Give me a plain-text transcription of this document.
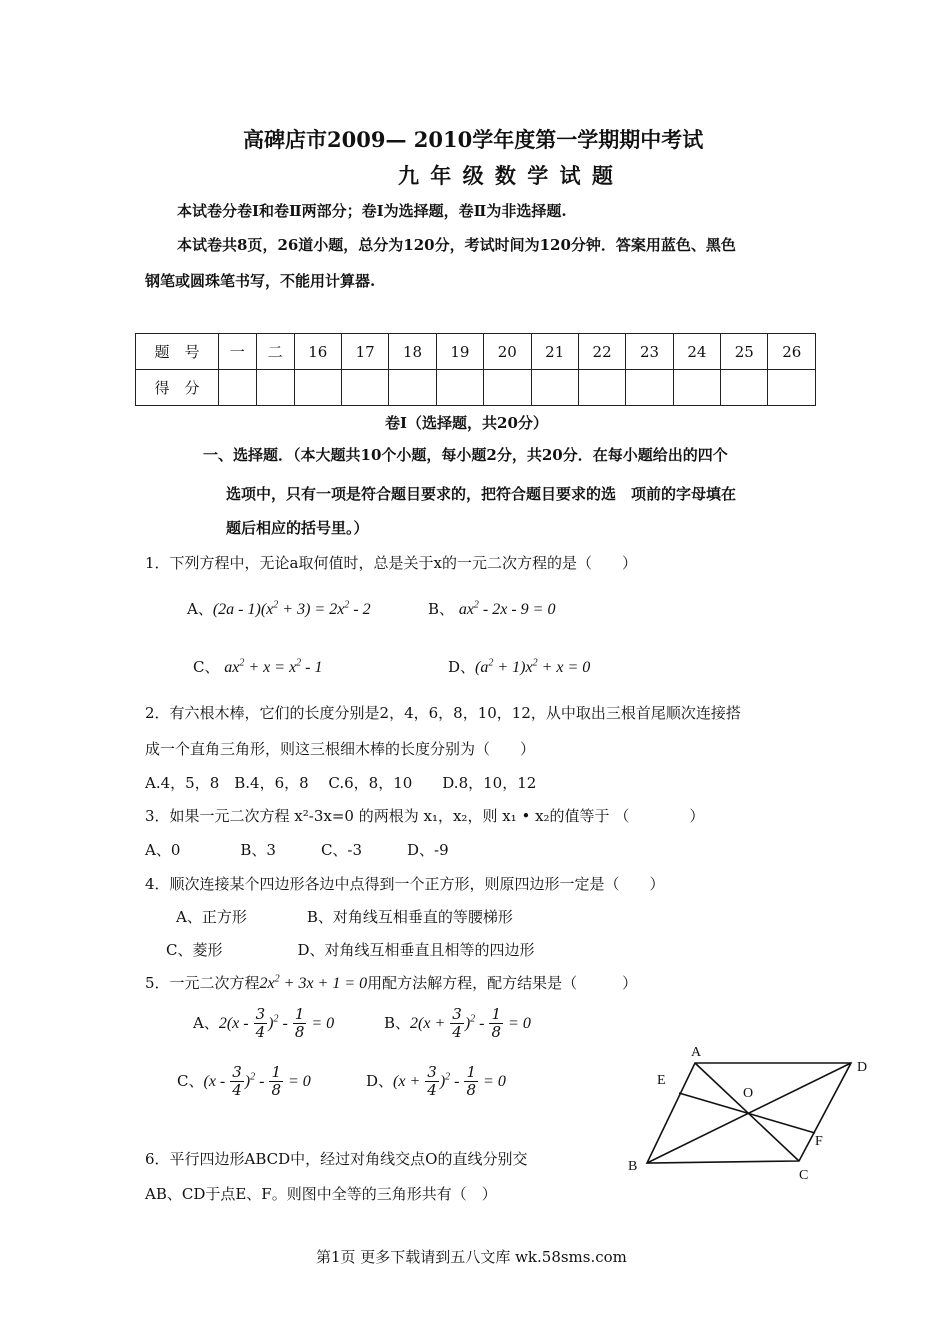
高碑店市2009— 2010学年度第一学期期中考试
九 年 级 数 学 试 题
本试卷分卷Ⅰ和卷Ⅱ两部分；卷Ⅰ为选择题，卷Ⅱ为非选择题.
本试卷共8页，26道小题，总分为120分，考试时间为120分钟．答案用蓝色、黑色
钢笔或圆珠笔书写，不能用计算器.
题　号	一	二	16	17	18	19	20	21	22	23	24	25	26
得　分													
卷Ⅰ（选择题，共20分）
一、选择题．（本大题共10个小题，每小题2分，共20分．在每小题给出的四个
选项中，只有一项是符合题目要求的，把符合题目要求的选　项前的字母填在
题后相应的括号里。）
1．下列方程中，无论a取何值时，总是关于x的一元二次方程的是（　　）
A、$(2a - 1)(x^2 + 3) = 2x^2 - 2$	B、 $ax^2 - 2x - 9 = 0$
C、 $ax^2 + x = x^2 - 1$	D、$(a^2 + 1)x^2 + x = 0$
2．有六根木棒，它们的长度分别是2，4，6，8，10，12，从中取出三根首尾顺次连接搭
成一个直角三角形，则这三根细木棒的长度分别为（　　）
A.4，5，8　B.4，6，8　 C.6，8，10　　D.8，10，12
3．如果一元二次方程 x²-3x=0 的两根为 x₁，x₂，则 x₁ • x₂的值等于 （　　　　）
A、0　　　　B、3　　　C、-3　　　D、-9
4．顺次连接某个四边形各边中点得到一个正方形，则原四边形一定是（　　）
A、正方形　　　　B、对角线互相垂直的等腰梯形
C、菱形　　　　　D、对角线互相垂直且相等的四边形
5．一元二次方程$2x^2 + 3x + 1 = 0$用配方法解方程，配方结果是（　　　）
A、$2(x - \frac{3}{4} )^2 - \frac{1}{8} = 0$	B、$2(x + \frac{3}{4} )^2 - \frac{1}{8} = 0$
C、$(x - \frac{3}{4} )^2 - \frac{1}{8} = 0$	D、$(x + \frac{3}{4} )^2 - \frac{1}{8} = 0$
6．平行四边形ABCD中，经过对角线交点O的直线分别交
AB、CD于点E、F。则图中全等的三角形共有（　）
A
D
E
O
F
B
C
第1页 更多下载请到五八文库 wk.58sms.com
